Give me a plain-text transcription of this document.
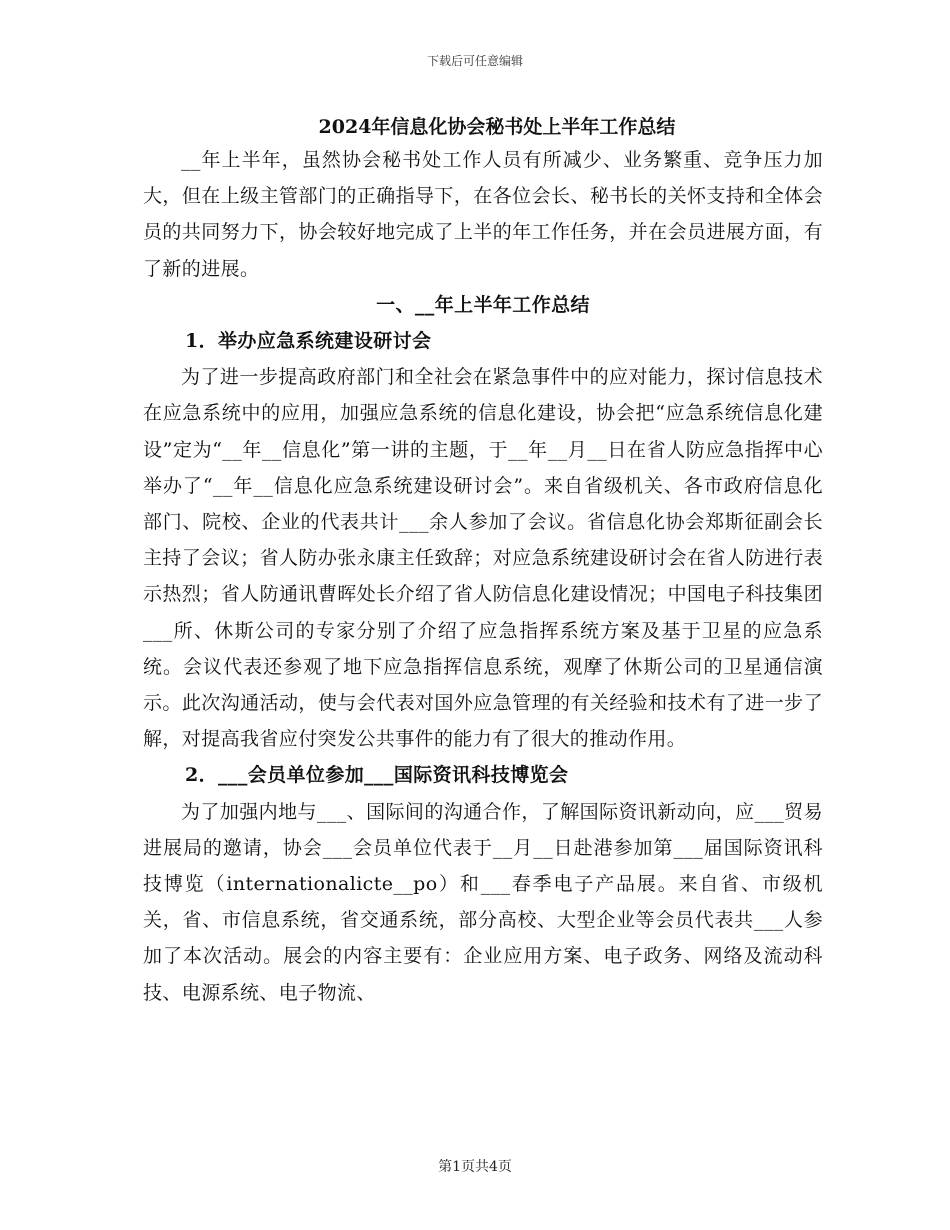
下载后可任意编辑
2024年信息化协会秘书处上半年工作总结

__年上半年，虽然协会秘书处工作人员有所减少、业务繁重、竞争压力加大，但在上级主管部门的正确指导下，在各位会长、秘书长的关怀支持和全体会员的共同努力下，协会较好地完成了上半的年工作任务，并在会员进展方面，有了新的进展。

一、__年上半年工作总结

1．举办应急系统建设研讨会

为了进一步提高政府部门和全社会在紧急事件中的应对能力，探讨信息技术在应急系统中的应用，加强应急系统的信息化建设，协会把“应急系统信息化建设”定为“__年__信息化”第一讲的主题，于__年__月__日在省人防应急指挥中心举办了“__年__信息化应急系统建设研讨会”。来自省级机关、各市政府信息化部门、院校、企业的代表共计___余人参加了会议。省信息化协会郑斯征副会长主持了会议；省人防办张永康主任致辞；对应急系统建设研讨会在省人防进行表示热烈；省人防通讯曹晖处长介绍了省人防信息化建设情况；中国电子科技集团___所、休斯公司的专家分别了介绍了应急指挥系统方案及基于卫星的应急系统。会议代表还参观了地下应急指挥信息系统，观摩了休斯公司的卫星通信演示。此次沟通活动，使与会代表对国外应急管理的有关经验和技术有了进一步了解，对提高我省应付突发公共事件的能力有了很大的推动作用。

2．___会员单位参加___国际资讯科技博览会

为了加强内地与___、国际间的沟通合作，了解国际资讯新动向，应___贸易进展局的邀请，协会___会员单位代表于__月__日赴港参加第___届国际资讯科技博览（internationalicte__po）和___春季电子产品展。来自省、市级机关，省、市信息系统，省交通系统，部分高校、大型企业等会员代表共___人参加了本次活动。展会的内容主要有：企业应用方案、电子政务、网络及流动科技、电源系统、电子物流、

第1页共4页
